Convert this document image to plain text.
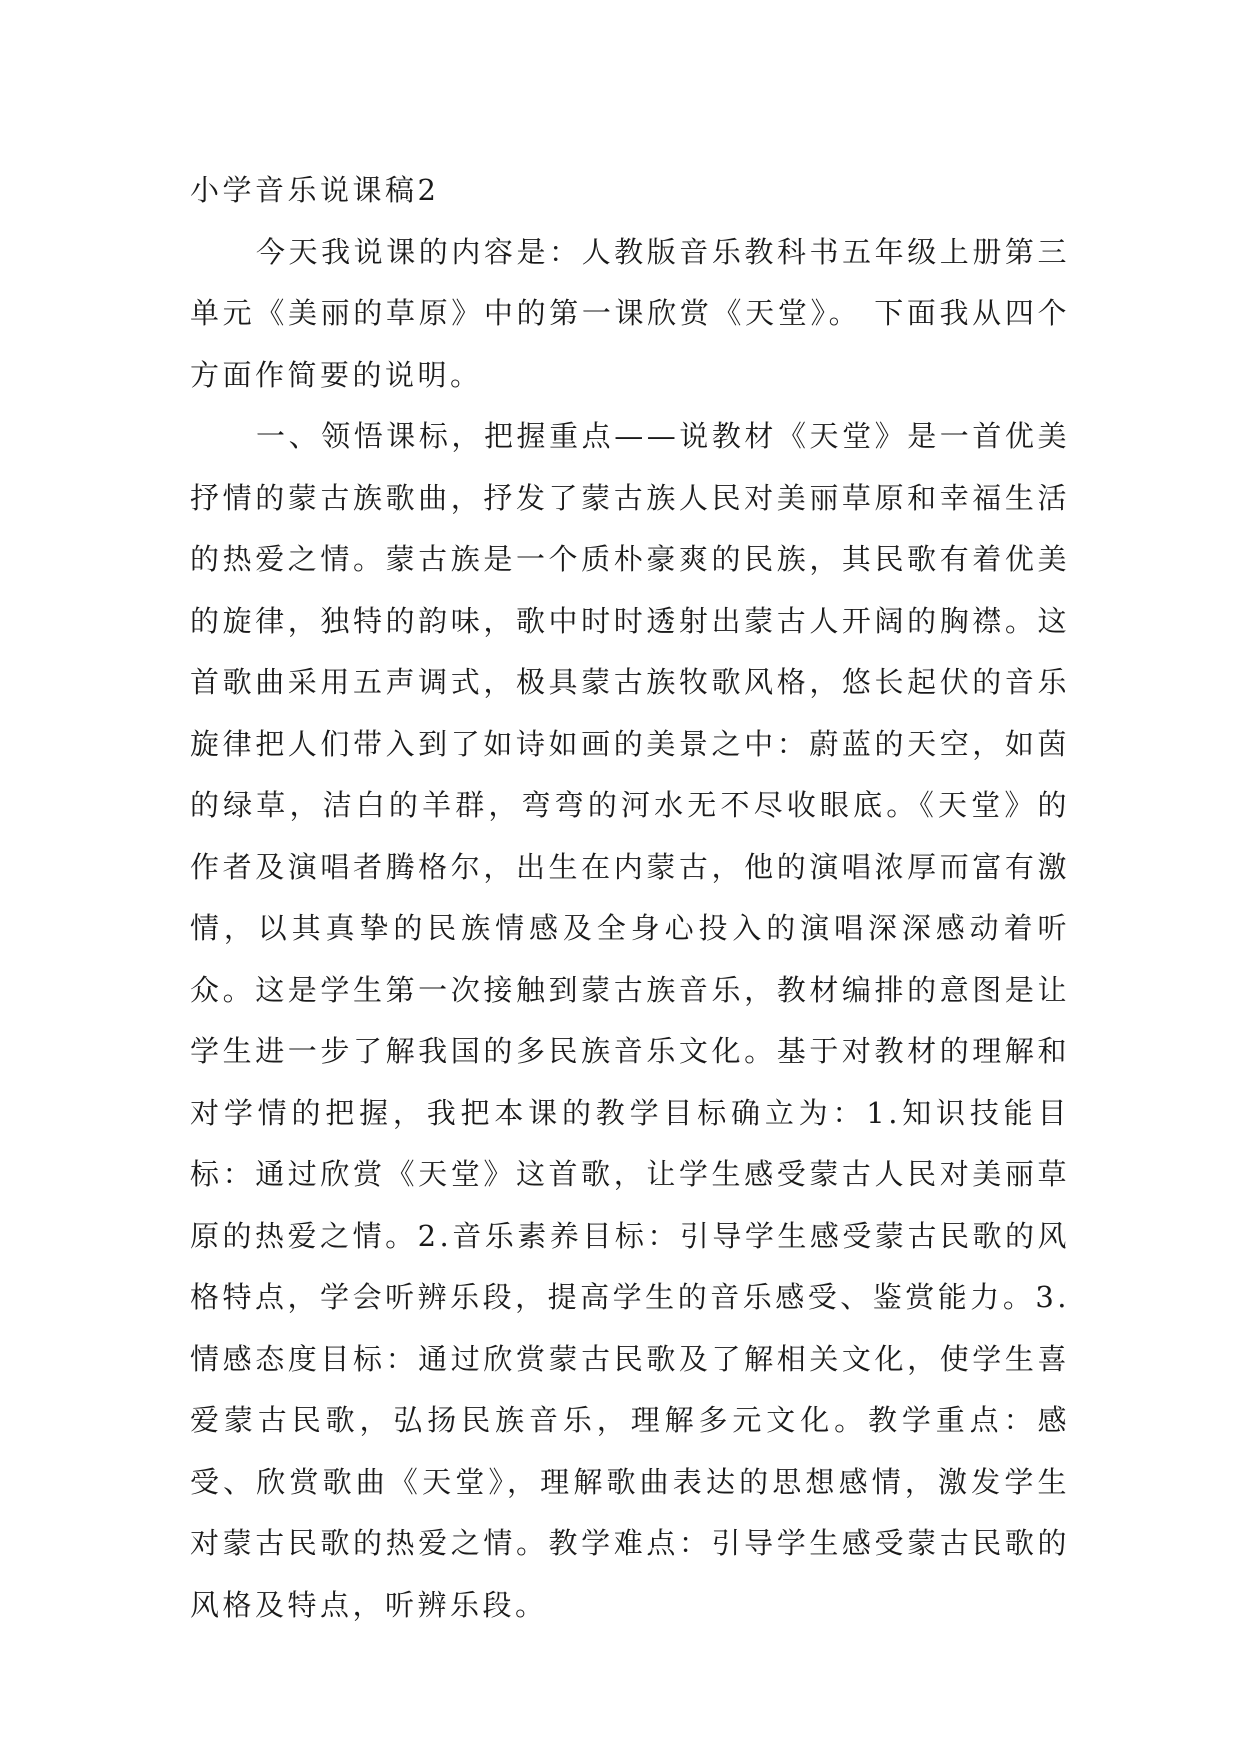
小学音乐说课稿2

今天我说课的内容是：人教版音乐教科书五年级上册第三单元《美丽的草原》中的第一课欣赏《天堂》。 下面我从四个方面作简要的说明。

一、领悟课标，把握重点——说教材《天堂》是一首优美抒情的蒙古族歌曲，抒发了蒙古族人民对美丽草原和幸福生活的热爱之情。蒙古族是一个质朴豪爽的民族，其民歌有着优美的旋律，独特的韵味，歌中时时透射出蒙古人开阔的胸襟。这首歌曲采用五声调式，极具蒙古族牧歌风格，悠长起伏的音乐旋律把人们带入到了如诗如画的美景之中：蔚蓝的天空，如茵的绿草，洁白的羊群，弯弯的河水无不尽收眼底。《天堂》的作者及演唱者腾格尔，出生在内蒙古，他的演唱浓厚而富有激情，以其真挚的民族情感及全身心投入的演唱深深感动着听众。这是学生第一次接触到蒙古族音乐，教材编排的意图是让学生进一步了解我国的多民族音乐文化。基于对教材的理解和对学情的把握，我把本课的教学目标确立为：1.知识技能目标：通过欣赏《天堂》这首歌，让学生感受蒙古人民对美丽草原的热爱之情。2.音乐素养目标：引导学生感受蒙古民歌的风格特点，学会听辨乐段，提高学生的音乐感受、鉴赏能力。3.情感态度目标：通过欣赏蒙古民歌及了解相关文化，使学生喜爱蒙古民歌，弘扬民族音乐，理解多元文化。教学重点：感受、欣赏歌曲《天堂》，理解歌曲表达的思想感情，激发学生对蒙古民歌的热爱之情。教学难点：引导学生感受蒙古民歌的风格及特点，听辨乐段。
